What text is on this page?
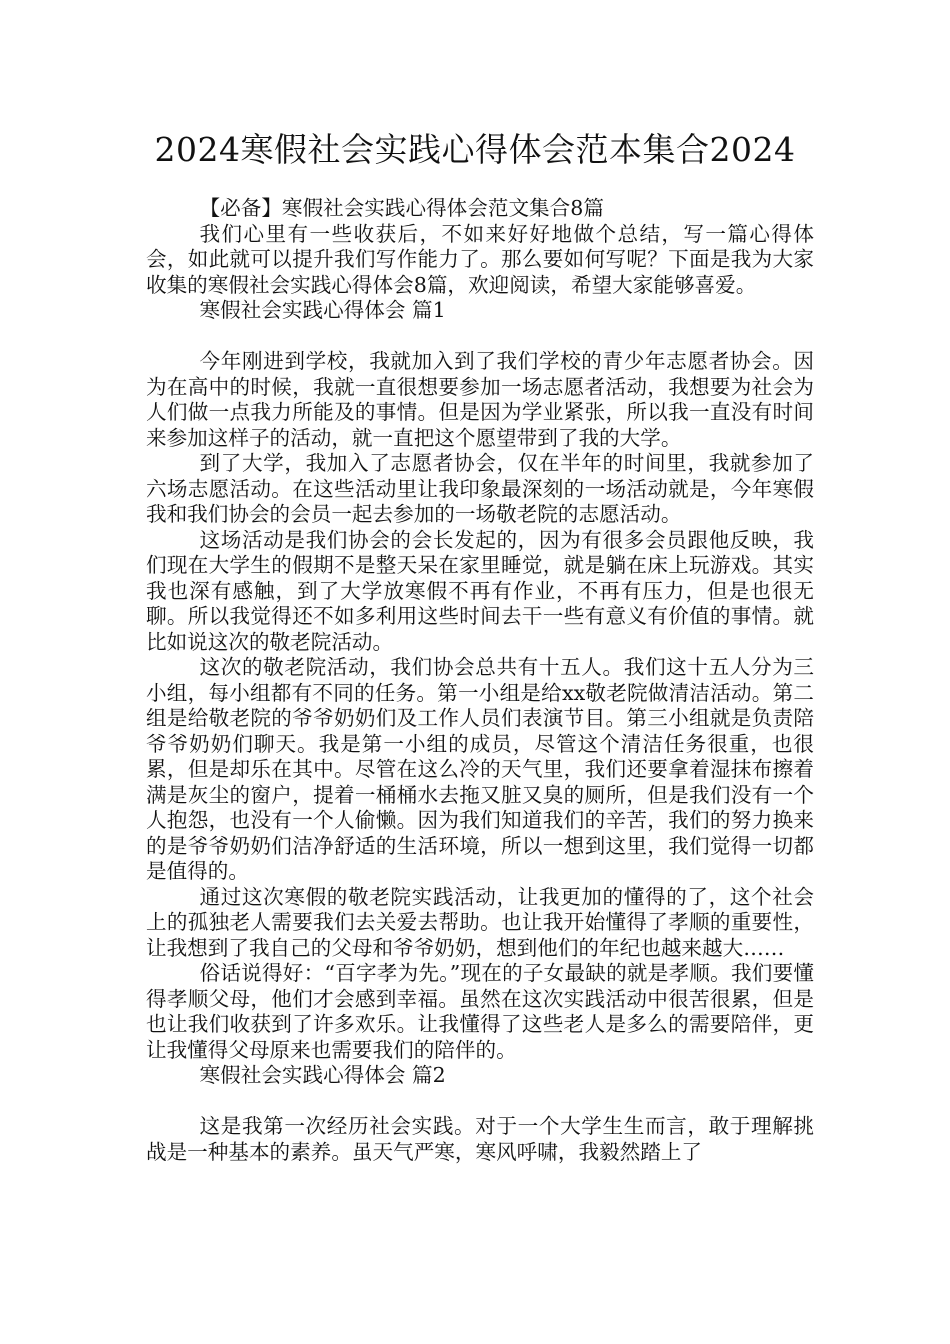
2024寒假社会实践心得体会范本集合2024

【必备】寒假社会实践心得体会范文集合8篇

我们心里有一些收获后，不如来好好地做个总结，写一篇心得体会，如此就可以提升我们写作能力了。那么要如何写呢？下面是我为大家收集的寒假社会实践心得体会8篇，欢迎阅读，希望大家能够喜爱。

寒假社会实践心得体会 篇1

今年刚进到学校，我就加入到了我们学校的青少年志愿者协会。因为在高中的时候，我就一直很想要参加一场志愿者活动，我想要为社会为人们做一点我力所能及的事情。但是因为学业紧张，所以我一直没有时间来参加这样子的活动，就一直把这个愿望带到了我的大学。

到了大学，我加入了志愿者协会，仅在半年的时间里，我就参加了六场志愿活动。在这些活动里让我印象最深刻的一场活动就是，今年寒假我和我们协会的会员一起去参加的一场敬老院的志愿活动。

这场活动是我们协会的会长发起的，因为有很多会员跟他反映，我们现在大学生的假期不是整天呆在家里睡觉，就是躺在床上玩游戏。其实我也深有感触，到了大学放寒假不再有作业，不再有压力，但是也很无聊。所以我觉得还不如多利用这些时间去干一些有意义有价值的事情。就比如说这次的敬老院活动。

这次的敬老院活动，我们协会总共有十五人。我们这十五人分为三小组，每小组都有不同的任务。第一小组是给xx敬老院做清洁活动。第二组是给敬老院的爷爷奶奶们及工作人员们表演节目。第三小组就是负责陪爷爷奶奶们聊天。我是第一小组的成员，尽管这个清洁任务很重，也很累，但是却乐在其中。尽管在这么冷的天气里，我们还要拿着湿抹布擦着满是灰尘的窗户，提着一桶桶水去拖又脏又臭的厕所，但是我们没有一个人抱怨，也没有一个人偷懒。因为我们知道我们的辛苦，我们的努力换来的是爷爷奶奶们洁净舒适的生活环境，所以一想到这里，我们觉得一切都是值得的。

通过这次寒假的敬老院实践活动，让我更加的懂得的了，这个社会上的孤独老人需要我们去关爱去帮助。也让我开始懂得了孝顺的重要性，让我想到了我自己的父母和爷爷奶奶，想到他们的年纪也越来越大……

俗话说得好：“百字孝为先。”现在的子女最缺的就是孝顺。我们要懂得孝顺父母，他们才会感到幸福。虽然在这次实践活动中很苦很累，但是也让我们收获到了许多欢乐。让我懂得了这些老人是多么的需要陪伴，更让我懂得父母原来也需要我们的陪伴的。

寒假社会实践心得体会 篇2

这是我第一次经历社会实践。对于一个大学生生而言，敢于理解挑战是一种基本的素养。虽天气严寒，寒风呼啸，我毅然踏上了
